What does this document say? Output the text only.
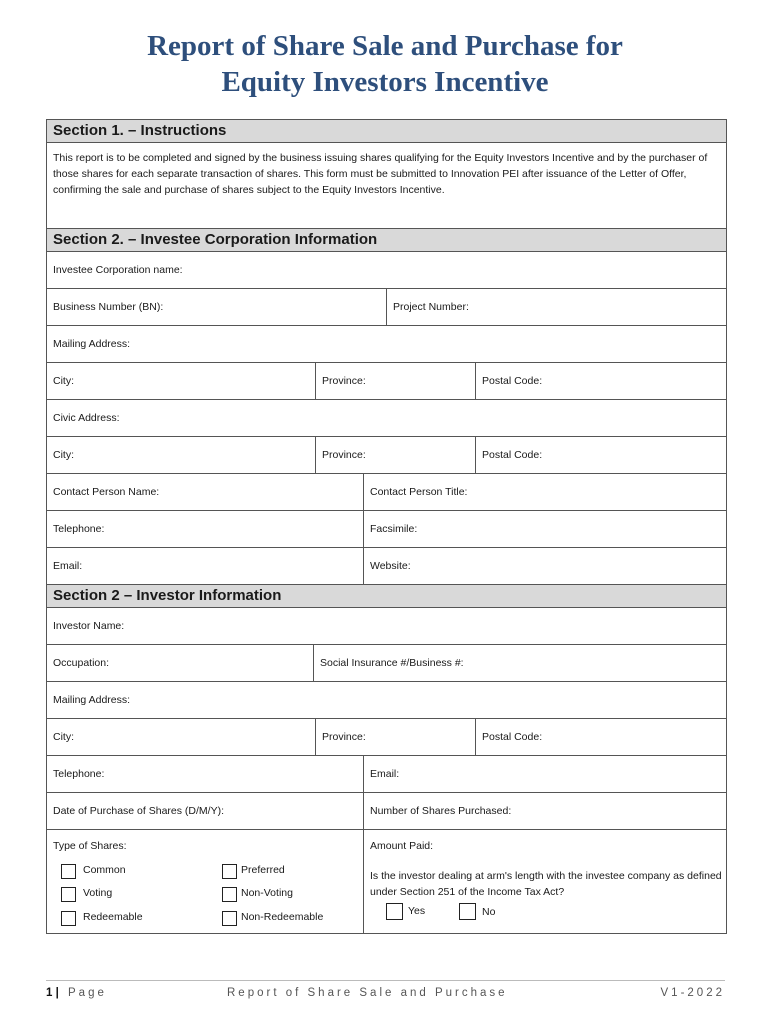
Report of Share Sale and Purchase for
Equity Investors Incentive
Section 1. – Instructions
This report is to be completed and signed by the business issuing shares qualifying for the Equity Investors Incentive and by the purchaser of those shares for each separate transaction of shares. This form must be submitted to Innovation PEI after issuance of the Letter of Offer, confirming the sale and purchase of shares subject to the Equity Investors Incentive.
Section 2. – Investee Corporation Information
Investee Corporation name:
Business Number (BN):	Project Number:
Mailing Address:
City:	Province:	Postal Code:
Civic Address:
City:	Province:	Postal Code:
Contact Person Name:	Contact Person Title:
Telephone:	Facsimile:
Email:	Website:
Section 2 – Investor Information
Investor Name:
Occupation:	Social Insurance #/Business #:
Mailing Address:
City:	Province:	Postal Code:
Telephone:	Email:
Date of Purchase of Shares (D/M/Y):	Number of Shares Purchased:
Type of Shares:
Common	Preferred
Voting	Non-Voting
Redeemable	Non-Redeemable
Amount Paid:
Is the investor dealing at arm's length with the investee company as defined under Section 251 of the Income Tax Act?
Yes	No
1 | Page	Report of Share Sale and Purchase	V1-2022
